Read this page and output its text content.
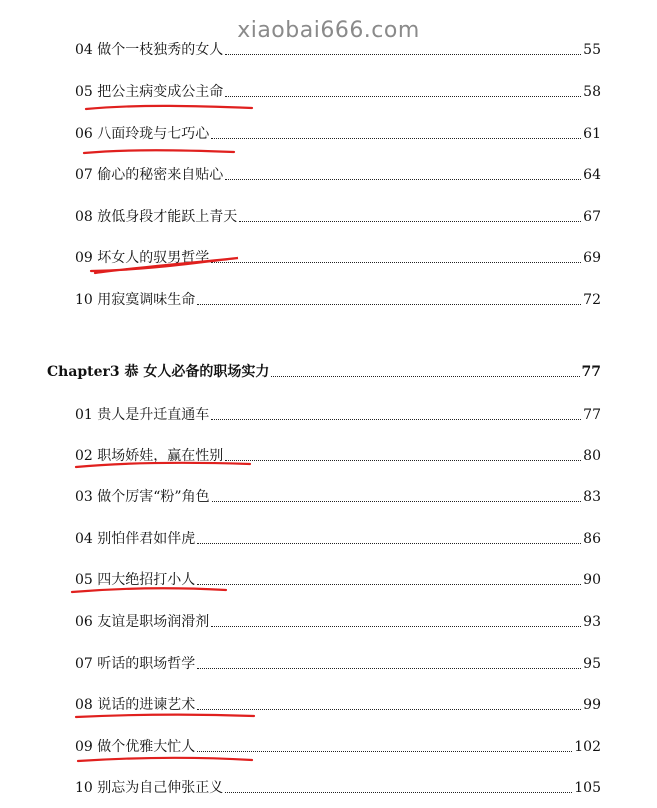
xiaobai666.com
04 做个一枝独秀的女人	55
05 把公主病变成公主命	58
06 八面玲珑与七巧心	61
07 偷心的秘密来自贴心	64
08 放低身段才能跃上青天	67
09 坏女人的驭男哲学	69
10 用寂寞调味生命	72
Chapter3 恭 女人必备的职场实力	77
01 贵人是升迁直通车	77
02 职场娇娃，赢在性别	80
03 做个厉害“粉”角色	83
04 别怕伴君如伴虎	86
05 四大绝招打小人	90
06 友谊是职场润滑剂	93
07 听话的职场哲学	95
08 说话的进谏艺术	99
09 做个优雅大忙人	102
10 别忘为自己伸张正义	105
